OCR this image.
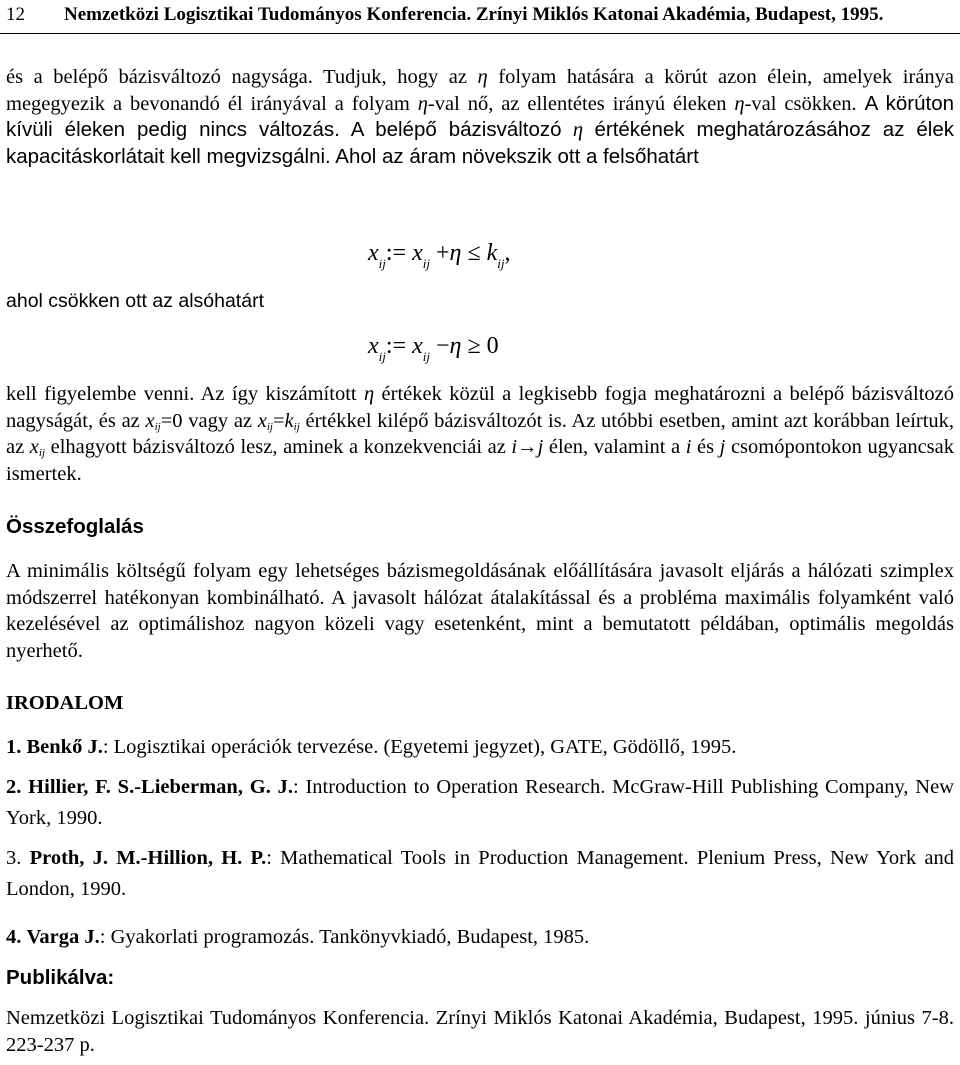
12 Nemzetközi Logisztikai Tudományos Konferencia. Zrínyi Miklós Katonai Akadémia, Budapest, 1995.
és a belépő bázisváltozó nagysága. Tudjuk, hogy az η folyam hatására a körút azon élein, amelyek iránya megegyezik a bevonandó él irányával a folyam η-val nő, az ellentétes irányú éleken η-val csökken. A körúton kívüli éleken pedig nincs változás. A belépő bázisváltozó η értékének meghatározásához az élek kapacitáskorlátait kell megvizsgálni. Ahol az áram növekszik ott a felsőhatárt
$x_{ij}:= x_{ij} +\eta \le k_{ij}$,
ahol csökken ott az alsóhatárt
$x_{ij}:= x_{ij} -\eta \ge 0$
kell figyelembe venni. Az így kiszámított η értékek közül a legkisebb fogja meghatározni a belépő bázisváltozó nagyságát, és az $x_{ij}=0$ vagy az $x_{ij}=k_{ij}$ értékkel kilépő bázisváltozót is. Az utóbbi esetben, amint azt korábban leírtuk, az $x_{ij}$ elhagyott bázisváltozó lesz, aminek a konzekvenciái az i→j élen, valamint a i és j csomópontokon ugyancsak ismertek.
Összefoglalás
A minimális költségű folyam egy lehetséges bázismegoldásának előállítására javasolt eljárás a hálózati szimplex módszerrel hatékonyan kombinálható. A javasolt hálózat átalakítással és a probléma maximális folyamként való kezelésével az optimálishoz nagyon közeli vagy esetenként, mint a bemutatott példában, optimális megoldás nyerhető.
IRODALOM
1. Benkő J.: Logisztikai operációk tervezése. (Egyetemi jegyzet), GATE, Gödöllő, 1995.
2. Hillier, F. S.-Lieberman, G. J.: Introduction to Operation Research. McGraw-Hill Publishing Company, New York, 1990.
3. Proth, J. M.-Hillion, H. P.: Mathematical Tools in Production Management. Plenium Press, New York and London, 1990.
4. Varga J.: Gyakorlati programozás. Tankönyvkiadó, Budapest, 1985.
Publikálva:
Nemzetközi Logisztikai Tudományos Konferencia. Zrínyi Miklós Katonai Akadémia, Budapest, 1995. június 7-8. 223-237 p.
